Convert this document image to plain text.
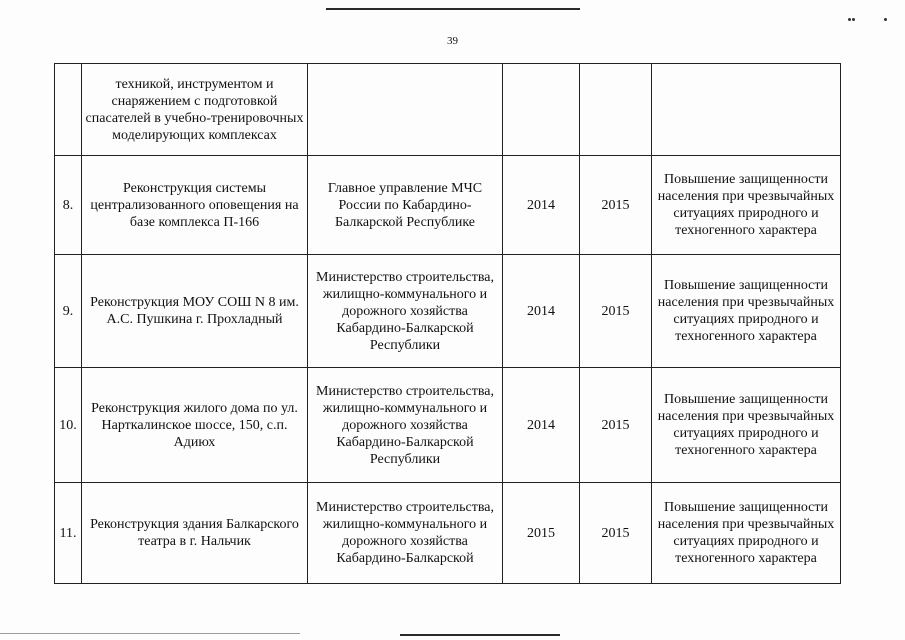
39
	техникой, инструментом и снаряжением с подготовкой спасателей в учебно-тренировочных моделирующих комплексах				
8.	Реконструкция системы централизованного оповещения на базе комплекса П-166	Главное управление МЧС России по Кабардино-Балкарской Республике	2014	2015	Повышение защищенности населения при чрезвычайных ситуациях природного и техногенного характера
9.	Реконструкция МОУ СОШ N 8 им. А.С. Пушкина г. Прохладный	Министерство строительства, жилищно-коммунального и дорожного хозяйства Кабардино-Балкарской Республики	2014	2015	Повышение защищенности населения при чрезвычайных ситуациях природного и техногенного характера
10.	Реконструкция жилого дома по ул. Нарткалинское шоссе, 150, с.п. Адиюх	Министерство строительства, жилищно-коммунального и дорожного хозяйства Кабардино-Балкарской Республики	2014	2015	Повышение защищенности населения при чрезвычайных ситуациях природного и техногенного характера
11.	Реконструкция здания Балкарского театра в г. Нальчик	Министерство строительства, жилищно-коммунального и дорожного хозяйства Кабардино-Балкарской	2015	2015	Повышение защищенности населения при чрезвычайных ситуациях природного и техногенного характера
